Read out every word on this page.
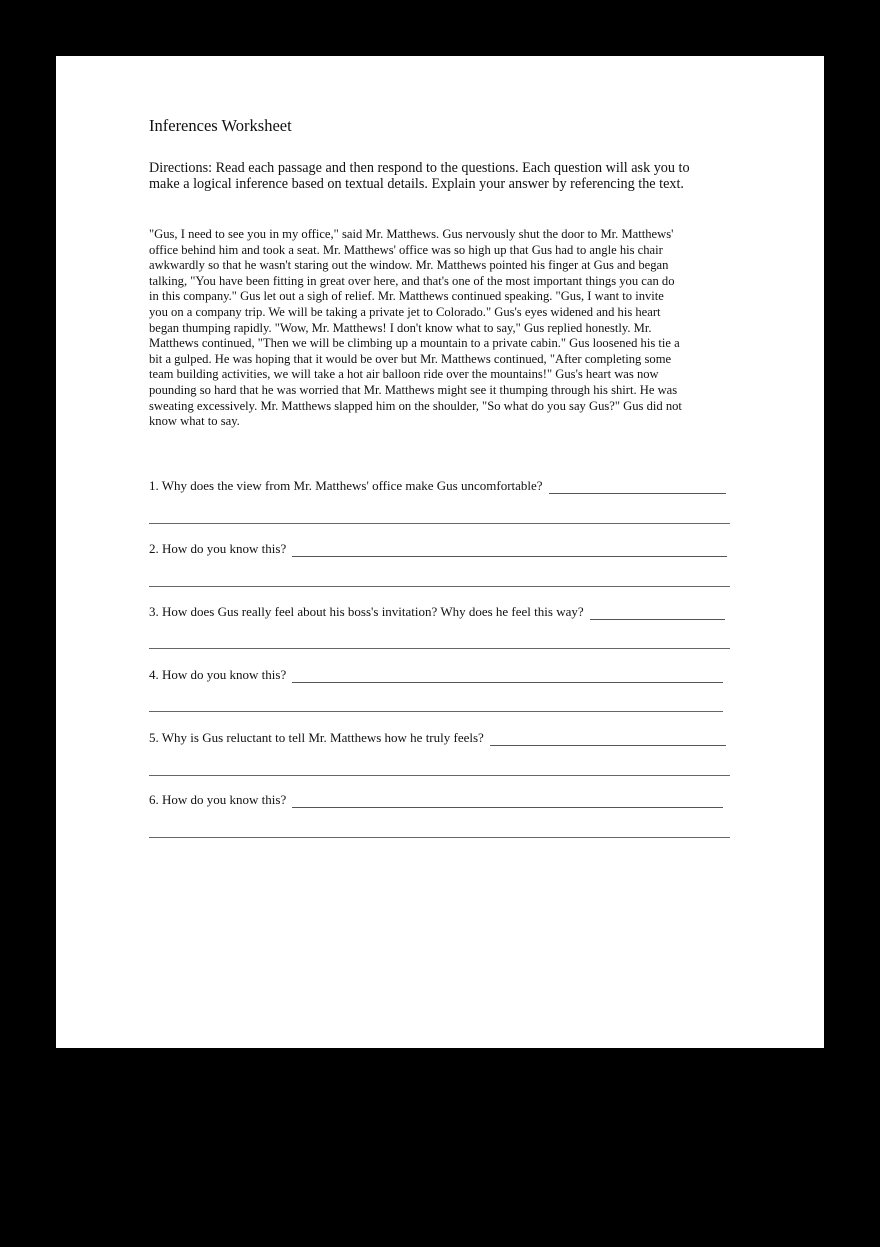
Inferences Worksheet
Directions: Read each passage and then respond to the questions. Each question will ask you to
make a logical inference based on textual details. Explain your answer by referencing the text.
"Gus, I need to see you in my office," said Mr. Matthews. Gus nervously shut the door to Mr. Matthews'
office behind him and took a seat. Mr. Matthews' office was so high up that Gus had to angle his chair
awkwardly so that he wasn't staring out the window. Mr. Matthews pointed his finger at Gus and began
talking, "You have been fitting in great over here, and that's one of the most important things you can do
in this company." Gus let out a sigh of relief. Mr. Matthews continued speaking. "Gus, I want to invite
you on a company trip. We will be taking a private jet to Colorado." Gus's eyes widened and his heart
began thumping rapidly. "Wow, Mr. Matthews! I don't know what to say," Gus replied honestly. Mr.
Matthews continued, "Then we will be climbing up a mountain to a private cabin." Gus loosened his tie a
bit a gulped. He was hoping that it would be over but Mr. Matthews continued, "After completing some
team building activities, we will take a hot air balloon ride over the mountains!" Gus's heart was now
pounding so hard that he was worried that Mr. Matthews might see it thumping through his shirt. He was
sweating excessively. Mr. Matthews slapped him on the shoulder, "So what do you say Gus?" Gus did not
know what to say.
1. Why does the view from Mr. Matthews' office make Gus uncomfortable?
2. How do you know this?
3. How does Gus really feel about his boss's invitation? Why does he feel this way?
4. How do you know this?
5. Why is Gus reluctant to tell Mr. Matthews how he truly feels?
6. How do you know this?
